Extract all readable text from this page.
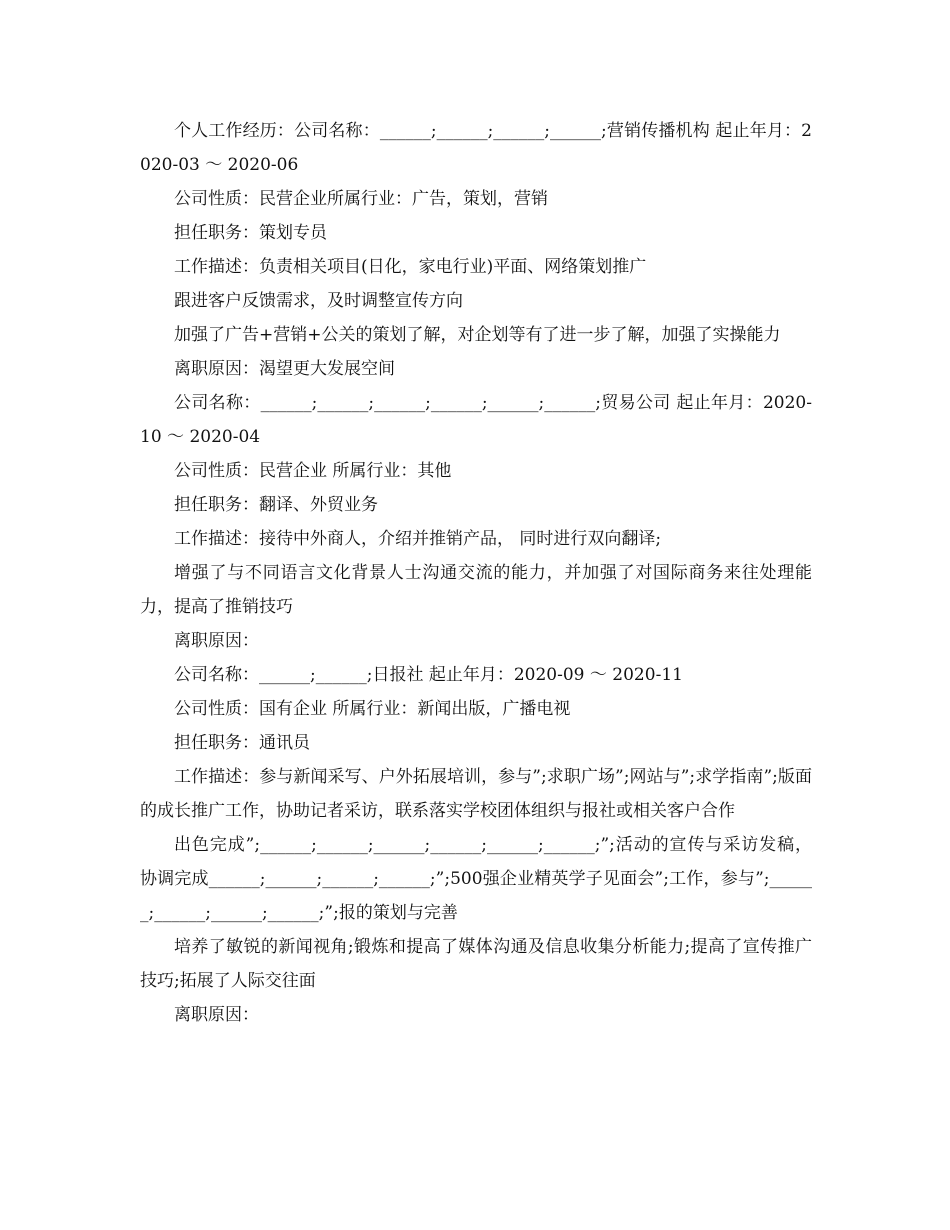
个人工作经历：公司名称：______;______;______;______;营销传播机构 起止年月：2020-03 ～ 2020-06

公司性质：民营企业所属行业：广告，策划，营销

担任职务：策划专员

工作描述：负责相关项目(日化，家电行业)平面、网络策划推广

跟进客户反馈需求，及时调整宣传方向

加强了广告+营销+公关的策划了解，对企划等有了进一步了解，加强了实操能力

离职原因：渴望更大发展空间

公司名称：______;______;______;______;______;______;贸易公司 起止年月：2020-10 ～ 2020-04

公司性质：民营企业 所属行业：其他

担任职务：翻译、外贸业务

工作描述：接待中外商人，介绍并推销产品， 同时进行双向翻译;

增强了与不同语言文化背景人士沟通交流的能力，并加强了对国际商务来往处理能力，提高了推销技巧

离职原因：

公司名称：______;______;日报社 起止年月：2020-09 ～ 2020-11

公司性质：国有企业 所属行业：新闻出版，广播电视

担任职务：通讯员

工作描述：参与新闻采写、户外拓展培训，参与”;求职广场”;网站与”;求学指南”;版面的成长推广工作，协助记者采访，联系落实学校团体组织与报社或相关客户合作

出色完成”;______;______;______;______;______;______;”;活动的宣传与采访发稿，协调完成______;______;______;______;”;500强企业精英学子见面会”;工作，参与”;______;______;______;______;”;报的策划与完善

培养了敏锐的新闻视角;锻炼和提高了媒体沟通及信息收集分析能力;提高了宣传推广技巧;拓展了人际交往面

离职原因：
